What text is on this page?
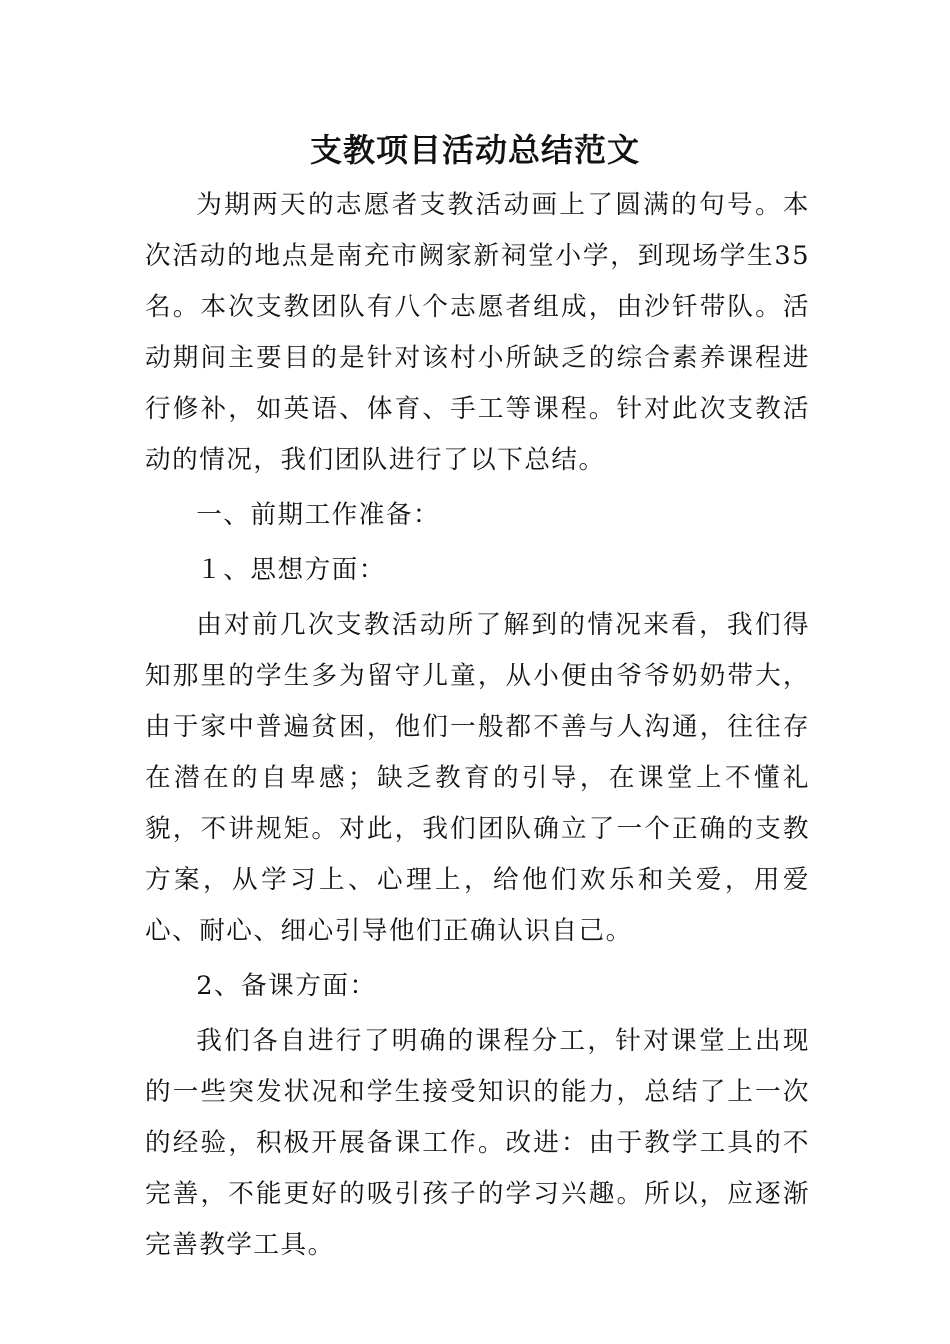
支教项目活动总结范文

为期两天的志愿者支教活动画上了圆满的句号。本次活动的地点是南充市阙家新祠堂小学，到现场学生35名。本次支教团队有八个志愿者组成，由沙钎带队。活动期间主要目的是针对该村小所缺乏的综合素养课程进行修补，如英语、体育、手工等课程。针对此次支教活动的情况，我们团队进行了以下总结。

一、前期工作准备：

１、思想方面：

由对前几次支教活动所了解到的情况来看，我们得知那里的学生多为留守儿童，从小便由爷爷奶奶带大，由于家中普遍贫困，他们一般都不善与人沟通，往往存在潜在的自卑感；缺乏教育的引导，在课堂上不懂礼貌，不讲规矩。对此，我们团队确立了一个正确的支教方案，从学习上、心理上，给他们欢乐和关爱，用爱心、耐心、细心引导他们正确认识自己。

2、备课方面：

我们各自进行了明确的课程分工，针对课堂上出现的一些突发状况和学生接受知识的能力，总结了上一次的经验，积极开展备课工作。改进：由于教学工具的不完善，不能更好的吸引孩子的学习兴趣。所以，应逐渐完善教学工具。
